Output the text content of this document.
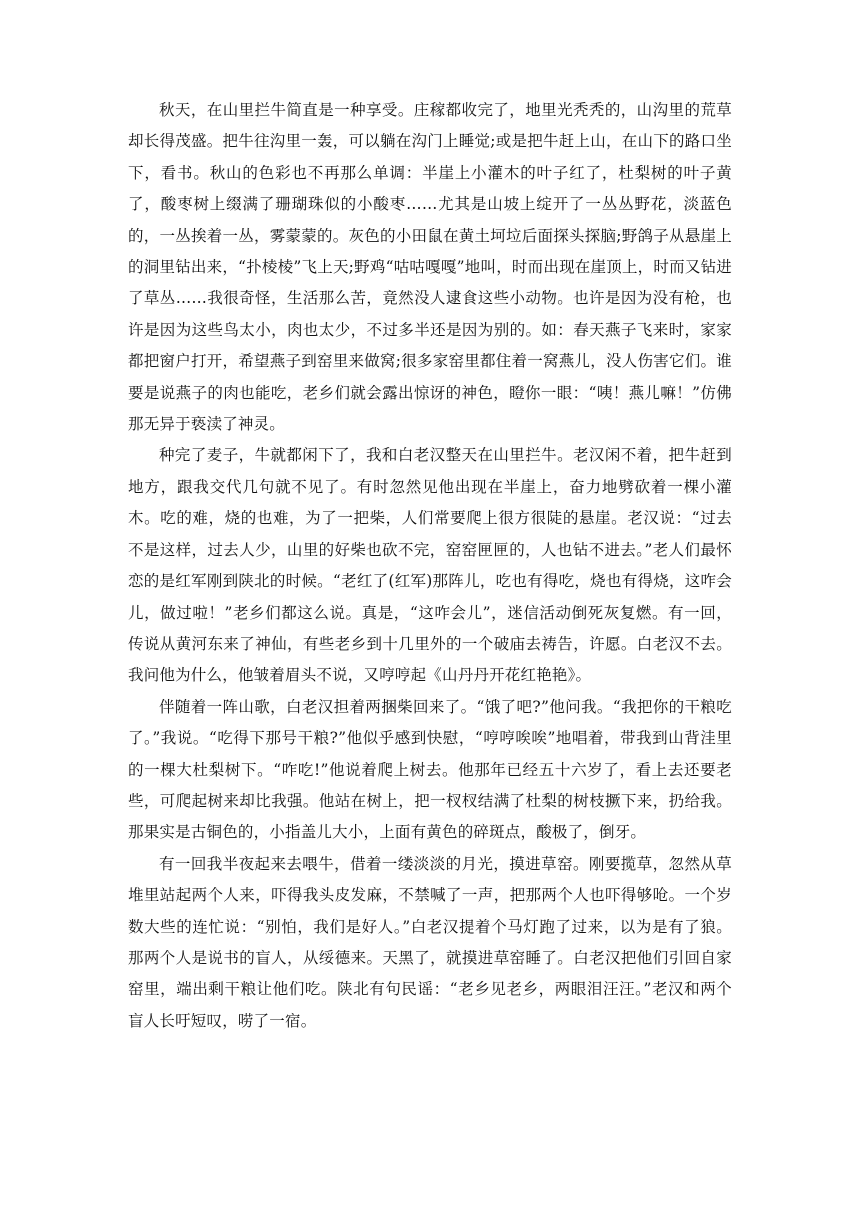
秋天，在山里拦牛简直是一种享受。庄稼都收完了，地里光秃秃的，山沟里的荒草却长得茂盛。把牛往沟里一轰，可以躺在沟门上睡觉;或是把牛赶上山，在山下的路口坐下，看书。秋山的色彩也不再那么单调：半崖上小灌木的叶子红了，杜梨树的叶子黄了，酸枣树上缀满了珊瑚珠似的小酸枣……尤其是山坡上绽开了一丛丛野花，淡蓝色的，一丛挨着一丛，雾蒙蒙的。灰色的小田鼠在黄土坷垃后面探头探脑;野鸽子从悬崖上的洞里钻出来，“扑棱棱”飞上天;野鸡“咕咕嘎嘎”地叫，时而出现在崖顶上，时而又钻进了草丛……我很奇怪，生活那么苦，竟然没人逮食这些小动物。也许是因为没有枪，也许是因为这些鸟太小，肉也太少，不过多半还是因为别的。如：春天燕子飞来时，家家都把窗户打开，希望燕子到窑里来做窝;很多家窑里都住着一窝燕儿，没人伤害它们。谁要是说燕子的肉也能吃，老乡们就会露出惊讶的神色，瞪你一眼：“咦！燕儿嘛！”仿佛那无异于亵渎了神灵。

种完了麦子，牛就都闲下了，我和白老汉整天在山里拦牛。老汉闲不着，把牛赶到地方，跟我交代几句就不见了。有时忽然见他出现在半崖上，奋力地劈砍着一棵小灌木。吃的难，烧的也难，为了一把柴，人们常要爬上很方很陡的悬崖。老汉说：“过去不是这样，过去人少，山里的好柴也砍不完，窑窑匣匣的，人也钻不进去。”老人们最怀恋的是红军刚到陕北的时候。“老红了(红军)那阵儿，吃也有得吃，烧也有得烧，这咋会儿，做过啦！”老乡们都这么说。真是，“这咋会儿”，迷信活动倒死灰复燃。有一回，传说从黄河东来了神仙，有些老乡到十几里外的一个破庙去祷告，许愿。白老汉不去。我问他为什么，他皱着眉头不说，又哼哼起《山丹丹开花红艳艳》。

伴随着一阵山歌，白老汉担着两捆柴回来了。“饿了吧?”他问我。“我把你的干粮吃了。”我说。“吃得下那号干粮?”他似乎感到快慰，“哼哼唉唉”地唱着，带我到山背洼里的一棵大杜梨树下。“咋吃!”他说着爬上树去。他那年已经五十六岁了，看上去还要老些，可爬起树来却比我强。他站在树上，把一杈杈结满了杜梨的树枝撅下来，扔给我。那果实是古铜色的，小指盖儿大小，上面有黄色的碎斑点，酸极了，倒牙。

有一回我半夜起来去喂牛，借着一缕淡淡的月光，摸进草窑。刚要揽草，忽然从草堆里站起两个人来，吓得我头皮发麻，不禁喊了一声，把那两个人也吓得够呛。一个岁数大些的连忙说：“别怕，我们是好人。”白老汉提着个马灯跑了过来，以为是有了狼。那两个人是说书的盲人，从绥德来。天黑了，就摸进草窑睡了。白老汉把他们引回自家窑里，端出剩干粮让他们吃。陕北有句民谣：“老乡见老乡，两眼泪汪汪。”老汉和两个盲人长吁短叹，唠了一宿。
